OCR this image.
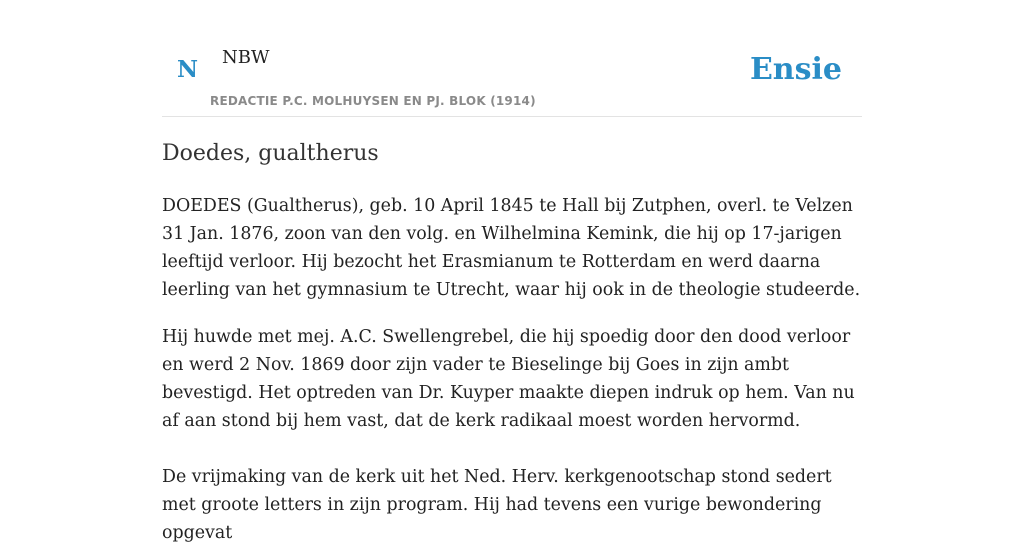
N NBW
REDACTIE P.C. MOLHUYSEN EN PJ. BLOK (1914)
Ensie
Doedes, gualtherus

DOEDES (Gualtherus), geb. 10 April 1845 te Hall bij Zutphen, overl. te Velzen 31 Jan. 1876, zoon van den volg. en Wilhelmina Kemink, die hij op 17-jarigen leeftijd verloor. Hij bezocht het Erasmianum te Rotterdam en werd daarna leerling van het gymnasium te Utrecht, waar hij ook in de theologie studeerde.

Hij huwde met mej. A.C. Swellengrebel, die hij spoedig door den dood verloor en werd 2 Nov. 1869 door zijn vader te Bieselinge bij Goes in zijn ambt bevestigd. Het optreden van Dr. Kuyper maakte diepen indruk op hem. Van nu af aan stond bij hem vast, dat de kerk radikaal moest worden hervormd.

De vrijmaking van de kerk uit het Ned. Herv. kerkgenootschap stond sedert met groote letters in zijn program. Hij had tevens een vurige bewondering opgevat
